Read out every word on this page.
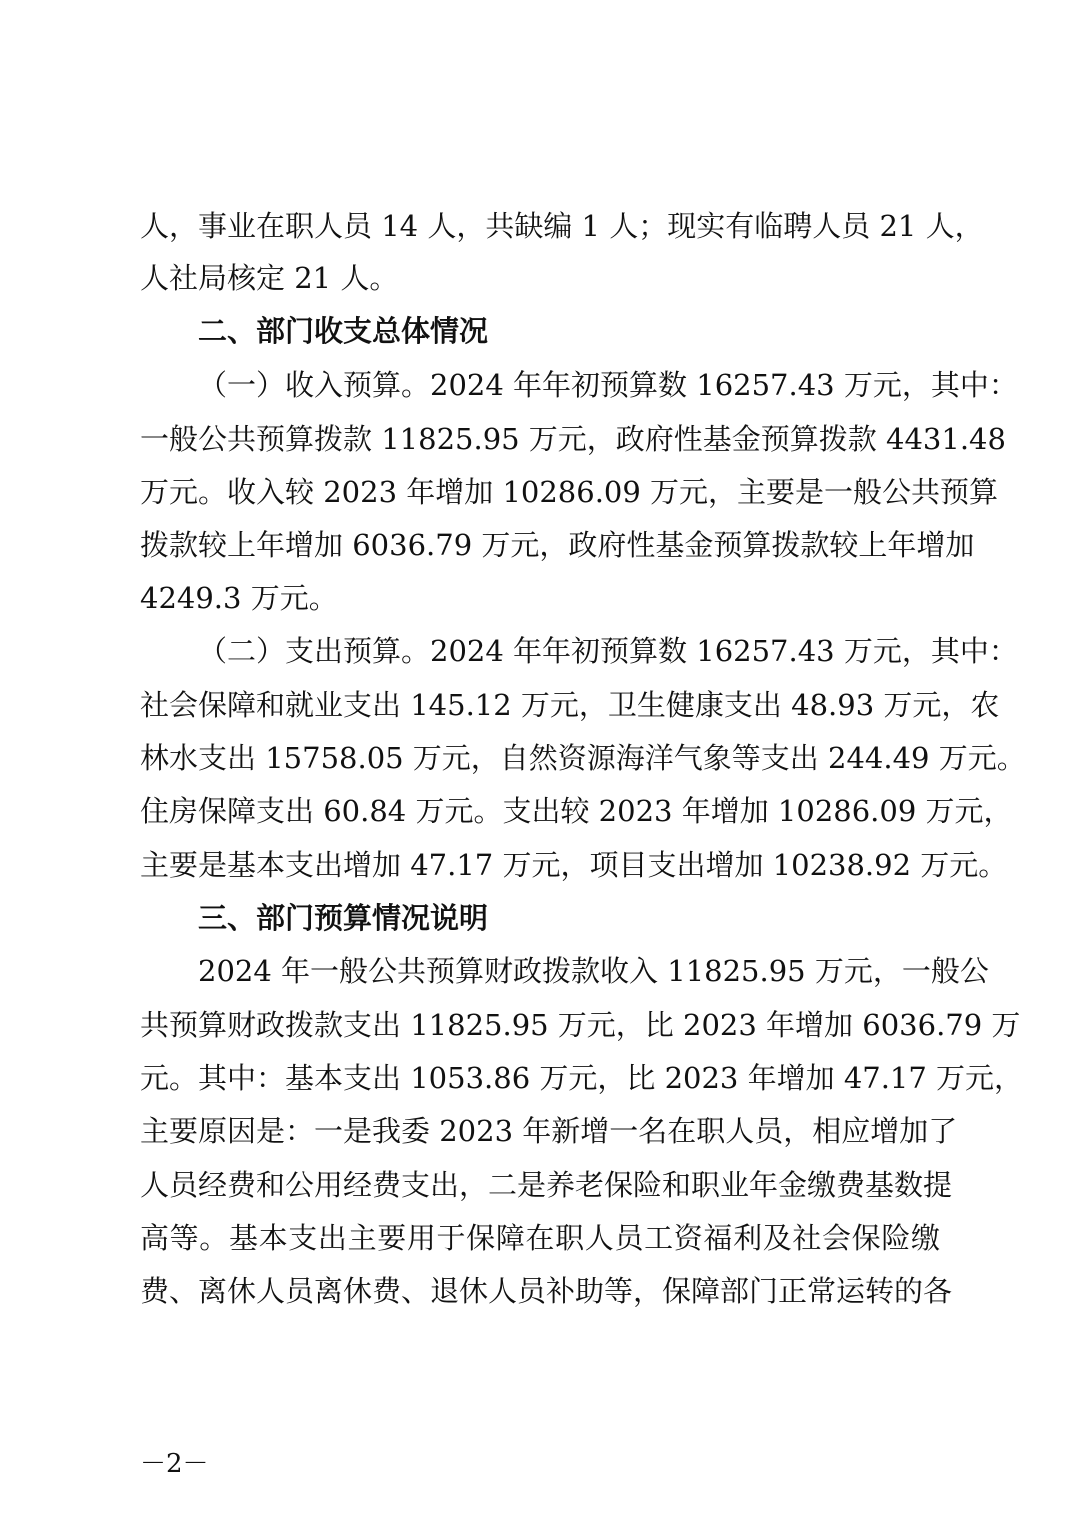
人，事业在职人员 14 人，共缺编 1 人；现实有临聘人员 21 人，
人社局核定 21 人。
二、部门收支总体情况
（一）收入预算。2024 年年初预算数 16257.43 万元，其中：
一般公共预算拨款 11825.95 万元，政府性基金预算拨款 4431.48
万元。收入较 2023 年增加 10286.09 万元，主要是一般公共预算
拨款较上年增加 6036.79 万元，政府性基金预算拨款较上年增加
4249.3 万元。
（二）支出预算。2024 年年初预算数 16257.43 万元，其中：
社会保障和就业支出 145.12 万元，卫生健康支出 48.93 万元，农
林水支出 15758.05 万元，自然资源海洋气象等支出 244.49 万元。
住房保障支出 60.84 万元。支出较 2023 年增加 10286.09 万元，
主要是基本支出增加 47.17 万元，项目支出增加 10238.92 万元。
三、部门预算情况说明
2024 年一般公共预算财政拨款收入 11825.95 万元，一般公
共预算财政拨款支出 11825.95 万元，比 2023 年增加 6036.79 万
元。其中：基本支出 1053.86 万元，比 2023 年增加 47.17 万元，
主要原因是：一是我委 2023 年新增一名在职人员，相应增加了
人员经费和公用经费支出，二是养老保险和职业年金缴费基数提
高等。基本支出主要用于保障在职人员工资福利及社会保险缴
费、离休人员离休费、退休人员补助等，保障部门正常运转的各
－2－
